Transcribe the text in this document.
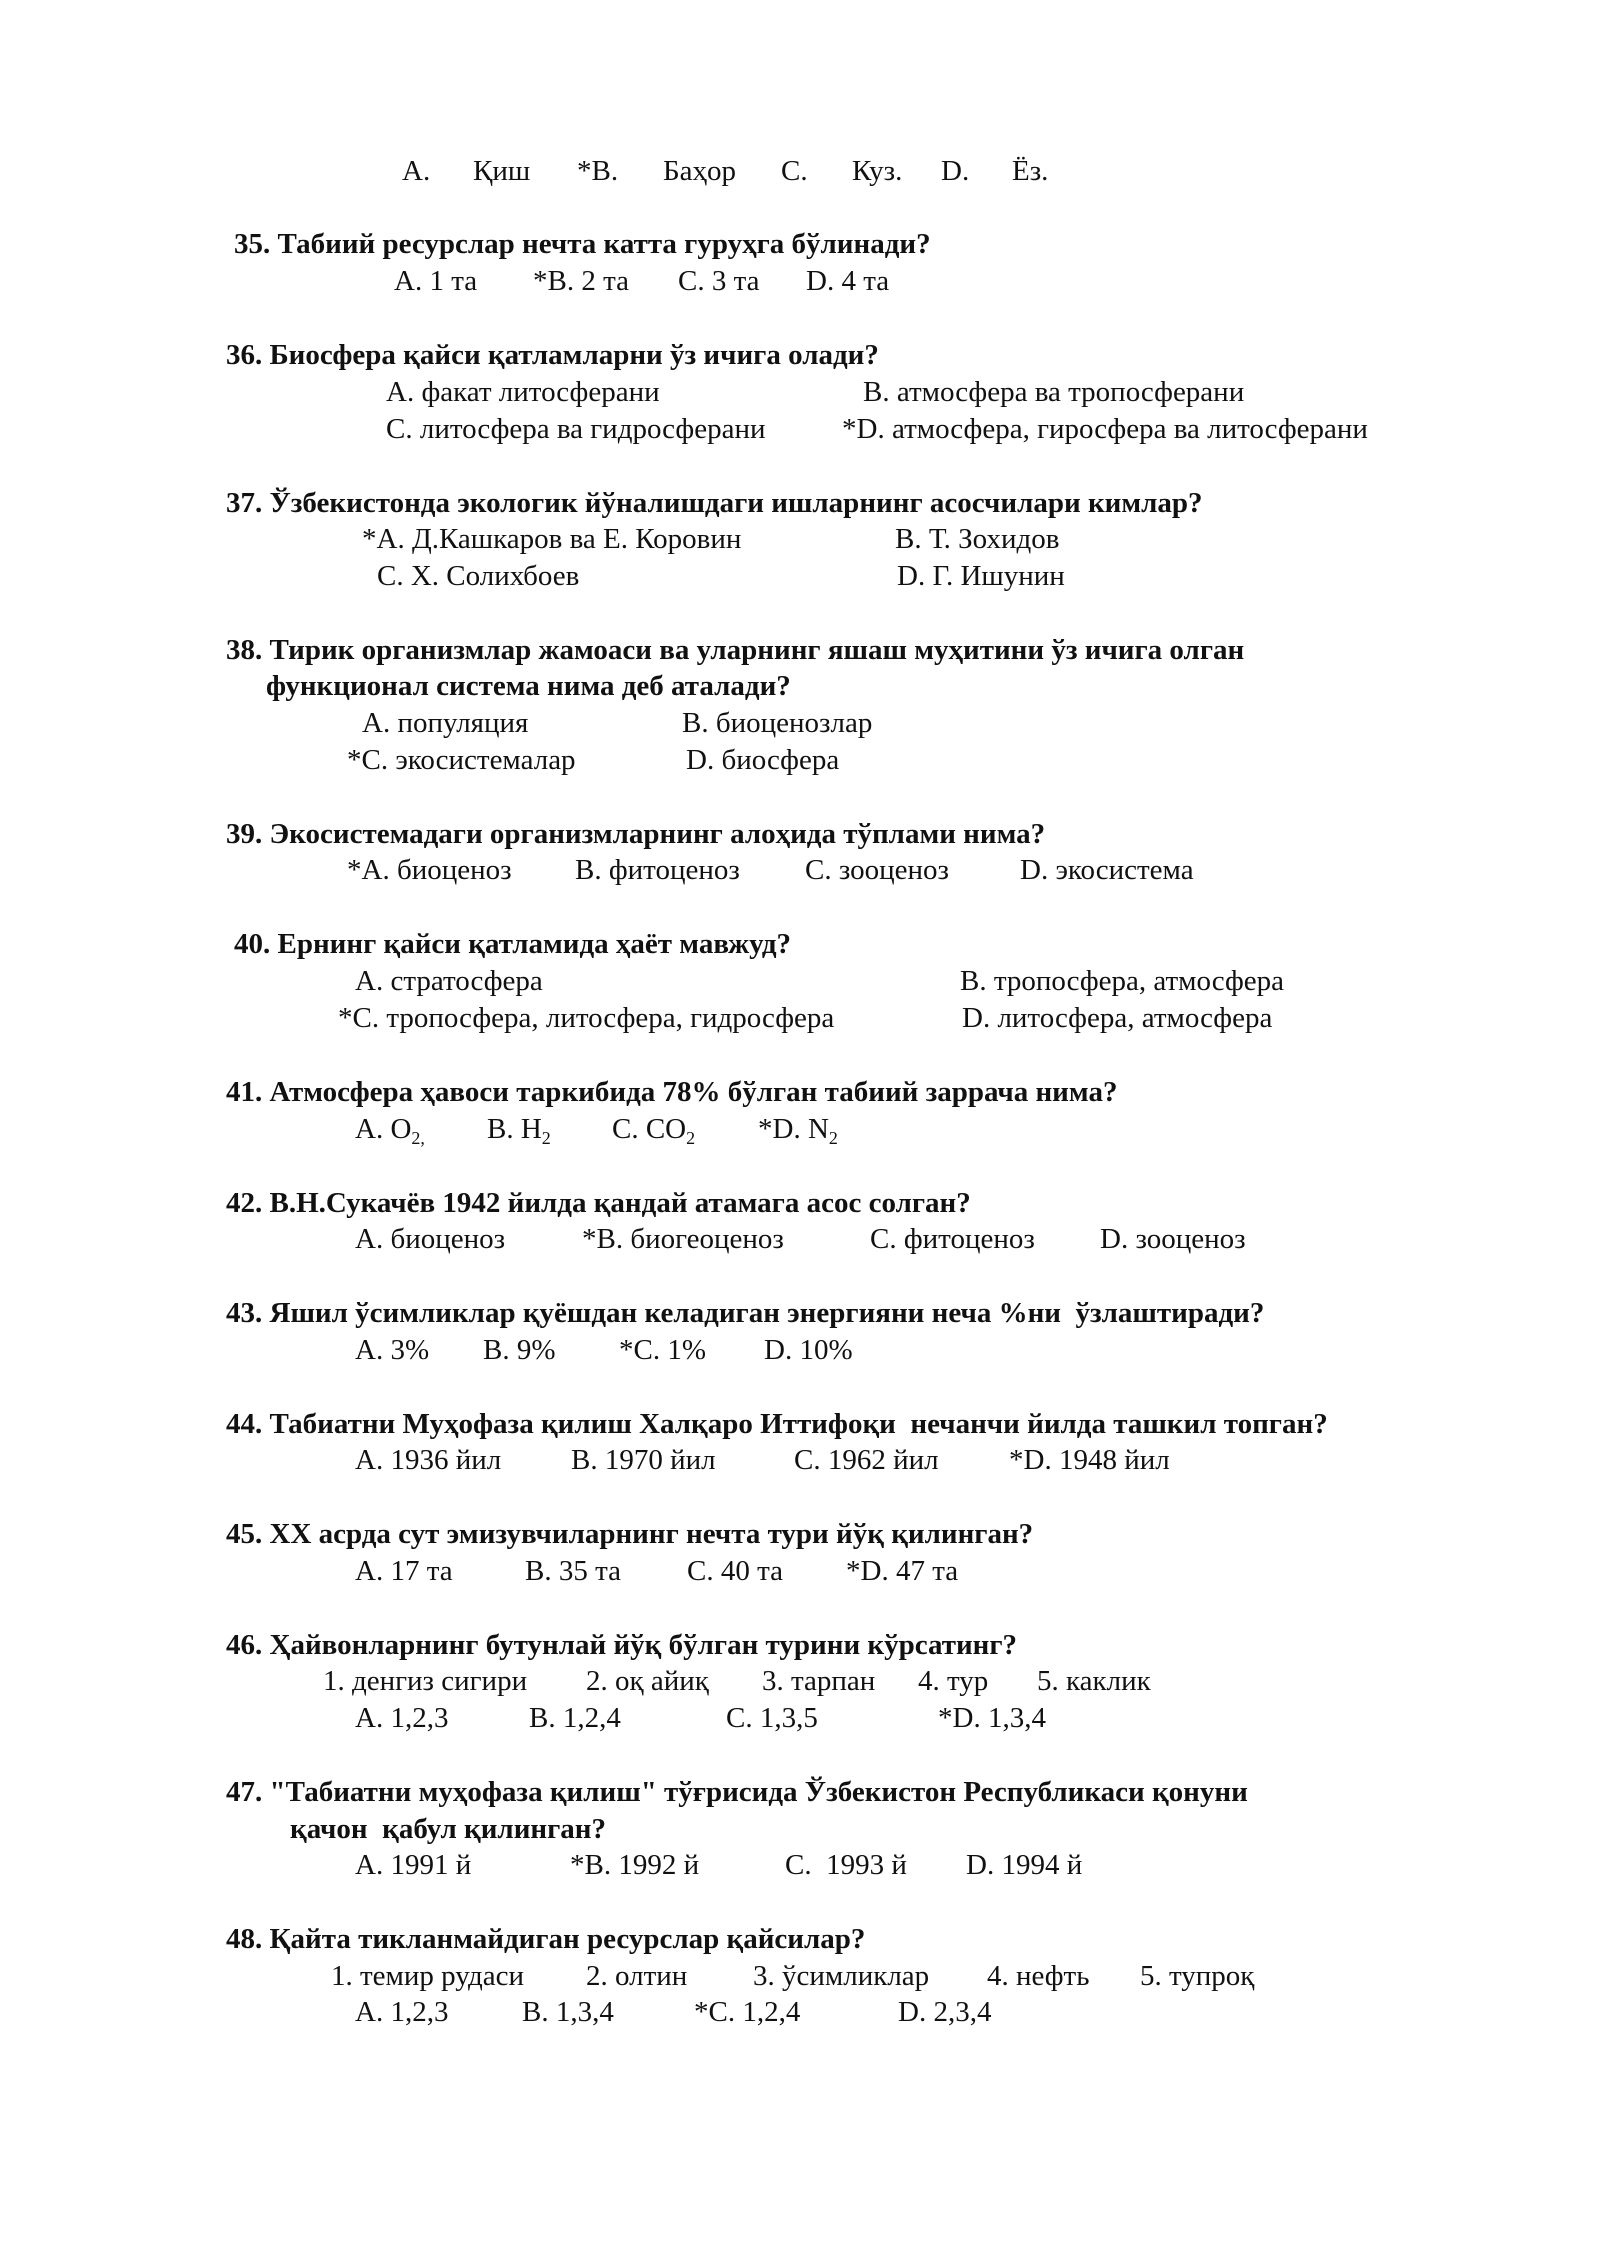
A. Қиш *B. Баҳор C. Куз. D. Ёз.
35. Табиий ресурслар нечта катта гуруҳга бўлинади?
A. 1 та *B. 2 та C. 3 та D. 4 та
36. Биосфера қайси қатламларни ўз ичига олади?
A. факат литосферани	B. атмосфера ва тропосферани
C. литосфера ва гидросферани	*D. атмосфера, гиросфера ва литосферани
37. Ўзбекистонда экологик йўналишдаги ишларнинг асосчилари кимлар?
*A. Д.Кашкаров ва Е. Коровин	B. Т. Зохидов
C. Х. Солихбоев	D. Г. Ишунин
38. Тирик организмлар жамоаси ва уларнинг яшаш муҳитини ўз ичига олган
функционал система нима деб аталади?
A. популяция	B. биоценозлар
*C. экосистемалар	D. биосфера
39. Экосистемадаги организмларнинг алоҳида тўплами нима?
*A. биоценоз B. фитоценоз C. зооценоз D. экосистема
40. Ернинг қайси қатламида ҳаёт мавжуд?
A. стратосфера	B. тропосфера, атмосфера
*C. тропосфера, литосфера, гидросфера	D. литосфера, атмосфера
41. Атмосфера ҳавоси таркибида 78% бўлган табиий заррача нима?
A. $O_{2,}$ B. $H_2$ C. $CO_2$ *D. $N_2$
42. В.Н.Сукачёв 1942 йилда қандай атамага асос солган?
A. биоценоз	*B. биогеоценоз	C. фитоценоз D. зооценоз
43. Яшил ўсимликлар қуёшдан келадиган энергияни неча %ни  ўзлаштиради?
A. 3% B. 9% *C. 1% D. 10%
44. Табиатни Муҳофаза қилиш Халқаро Иттифоқи  нечанчи йилда ташкил топган?
A. 1936 йил B. 1970 йил	C. 1962 йил *D. 1948 йил
45. XX асрда сут эмизувчиларнинг нечта тури йўқ қилинган?
A. 17 та B. 35 та C. 40 та *D. 47 та
46. Ҳайвонларнинг бутунлай йўқ бўлган турини кўрсатинг?
1. денгиз сигири 2. оқ айиқ 3. тарпан 4. тур 5. каклик
A. 1,2,3	B. 1,2,4	C. 1,3,5	*D. 1,3,4
47. "Табиатни муҳофаза қилиш" тўғрисида Ўзбекистон Республикаси қонуни
қачон  қабул қилинган?
A. 1991 й	*B. 1992 й	C.  1993 й D. 1994 й
48. Қайта тикланмайдиган ресурслар қайсилар?
1. темир рудаси 2. олтин 3. ўсимликлар 4. нефть 5. тупроқ
A. 1,2,3	B. 1,3,4	*C. 1,2,4	D. 2,3,4
